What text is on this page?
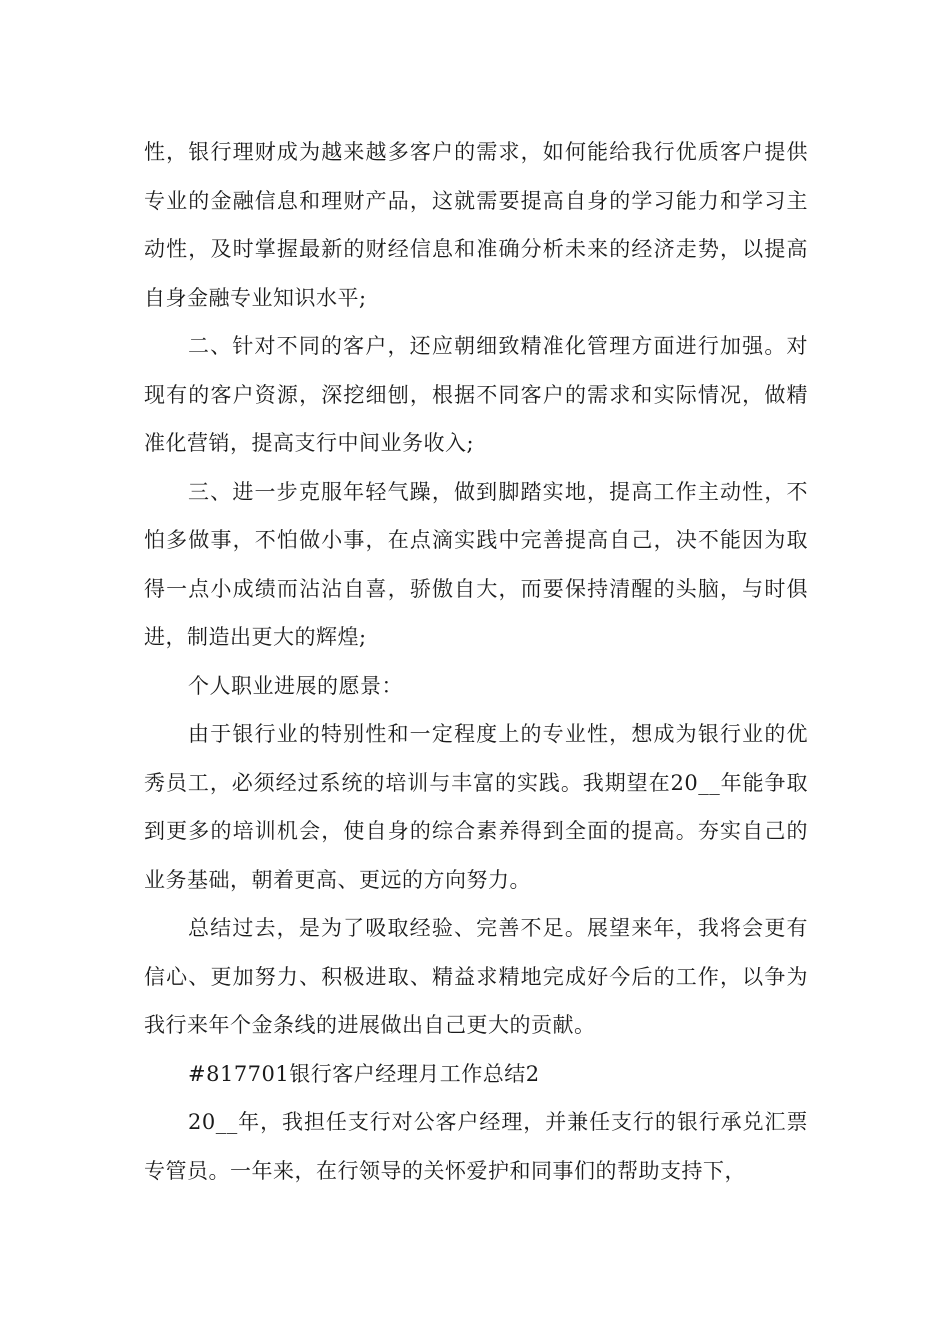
性，银行理财成为越来越多客户的需求，如何能给我行优质客户提供专业的金融信息和理财产品，这就需要提高自身的学习能力和学习主动性，及时掌握最新的财经信息和准确分析未来的经济走势，以提高自身金融专业知识水平;

二、针对不同的客户，还应朝细致精准化管理方面进行加强。对现有的客户资源，深挖细刨，根据不同客户的需求和实际情况，做精准化营销，提高支行中间业务收入;

三、进一步克服年轻气躁，做到脚踏实地，提高工作主动性，不怕多做事，不怕做小事，在点滴实践中完善提高自己，决不能因为取得一点小成绩而沾沾自喜，骄傲自大，而要保持清醒的头脑，与时俱进，制造出更大的辉煌;

个人职业进展的愿景：

由于银行业的特别性和一定程度上的专业性，想成为银行业的优秀员工，必须经过系统的培训与丰富的实践。我期望在20__年能争取到更多的培训机会，使自身的综合素养得到全面的提高。夯实自己的业务基础，朝着更高、更远的方向努力。

总结过去，是为了吸取经验、完善不足。展望来年，我将会更有信心、更加努力、积极进取、精益求精地完成好今后的工作，以争为我行来年个金条线的进展做出自己更大的贡献。

#817701银行客户经理月工作总结2

20__年，我担任支行对公客户经理，并兼任支行的银行承兑汇票专管员。一年来，在行领导的关怀爱护和同事们的帮助支持下，
